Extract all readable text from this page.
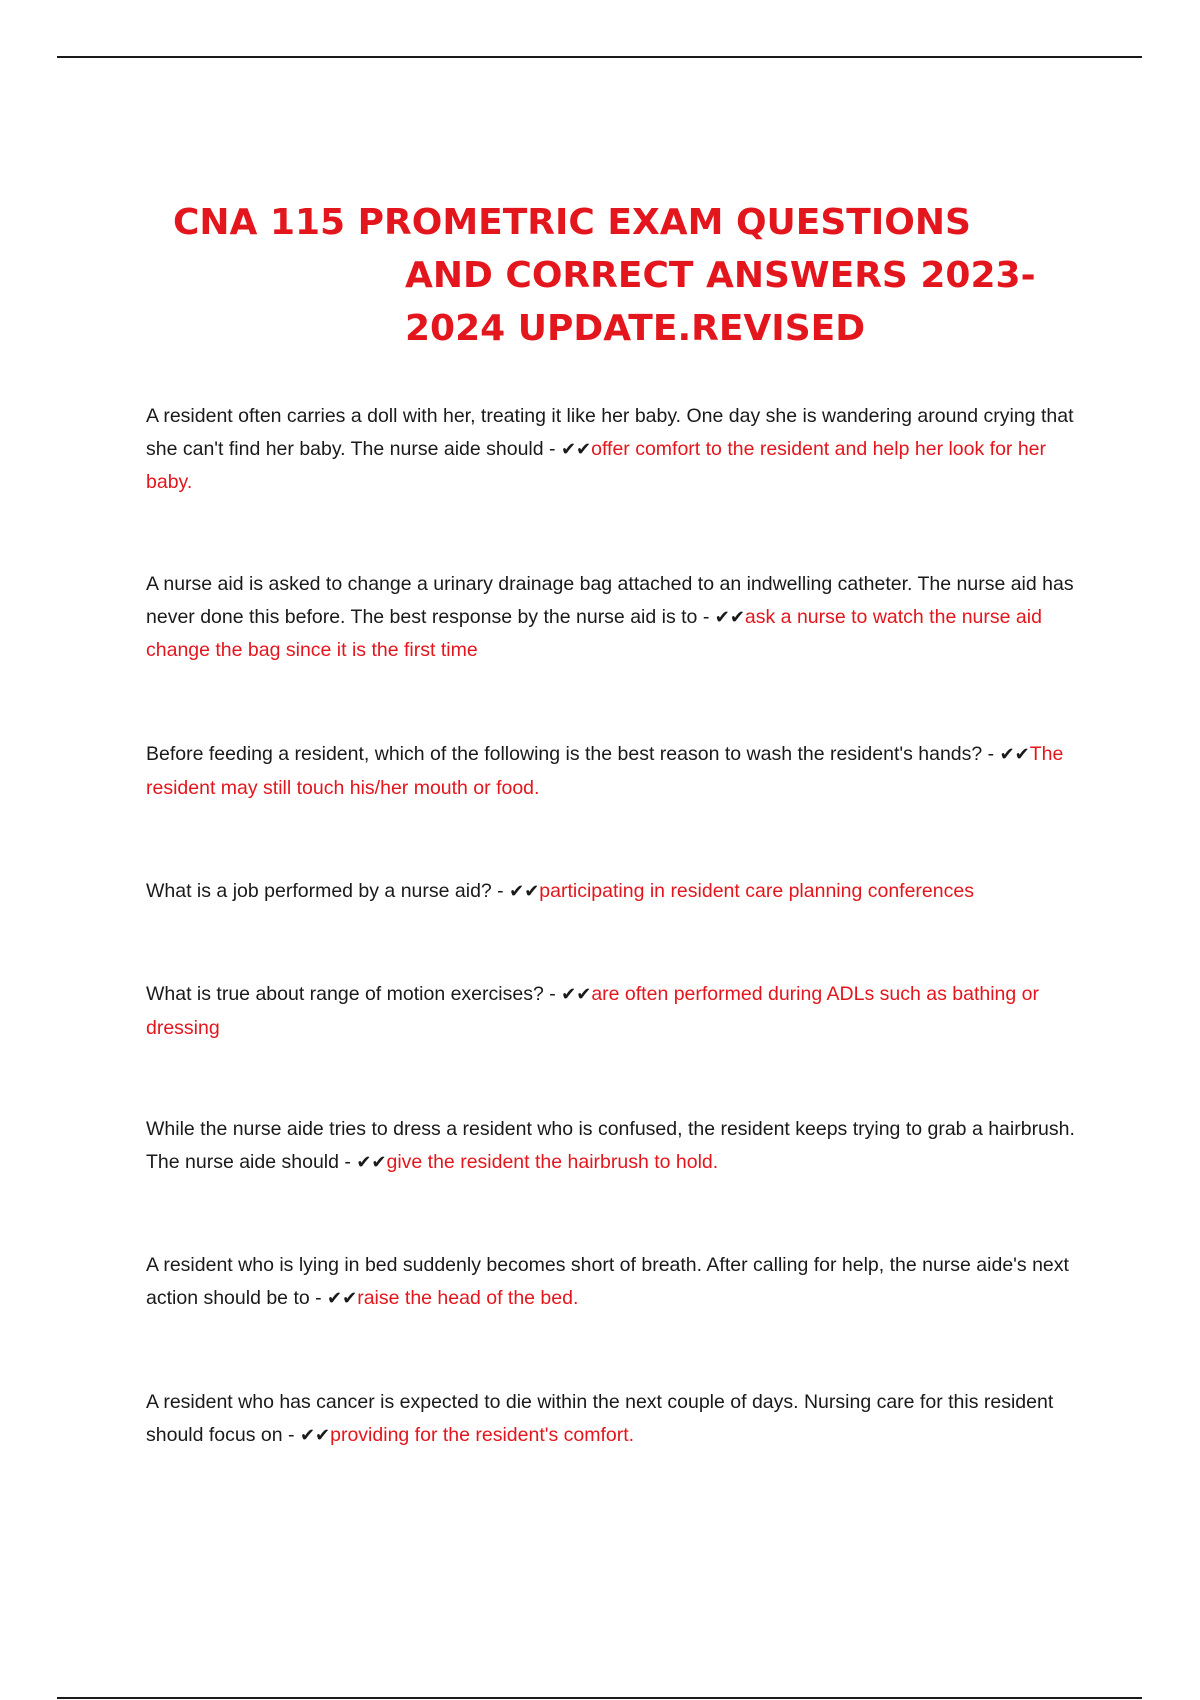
CNA 115 PROMETRIC EXAM QUESTIONS
AND CORRECT ANSWERS 2023-
2024 UPDATE.REVISED
A resident often carries a doll with her, treating it like her baby. One day she is wandering around crying that she can't find her baby. The nurse aide should - ✔✔offer comfort to the resident and help her look for her baby.
A nurse aid is asked to change a urinary drainage bag attached to an indwelling catheter. The nurse aid has never done this before. The best response by the nurse aid is to - ✔✔ask a nurse to watch the nurse aid change the bag since it is the first time
Before feeding a resident, which of the following is the best reason to wash the resident's hands? - ✔✔The resident may still touch his/her mouth or food.
What is a job performed by a nurse aid? - ✔✔participating in resident care planning conferences
What is true about range of motion exercises? - ✔✔are often performed during ADLs such as bathing or dressing
While the nurse aide tries to dress a resident who is confused, the resident keeps trying to grab a hairbrush. The nurse aide should - ✔✔give the resident the hairbrush to hold.
A resident who is lying in bed suddenly becomes short of breath. After calling for help, the nurse aide's next action should be to - ✔✔raise the head of the bed.
A resident who has cancer is expected to die within the next couple of days. Nursing care for this resident should focus on - ✔✔providing for the resident's comfort.
